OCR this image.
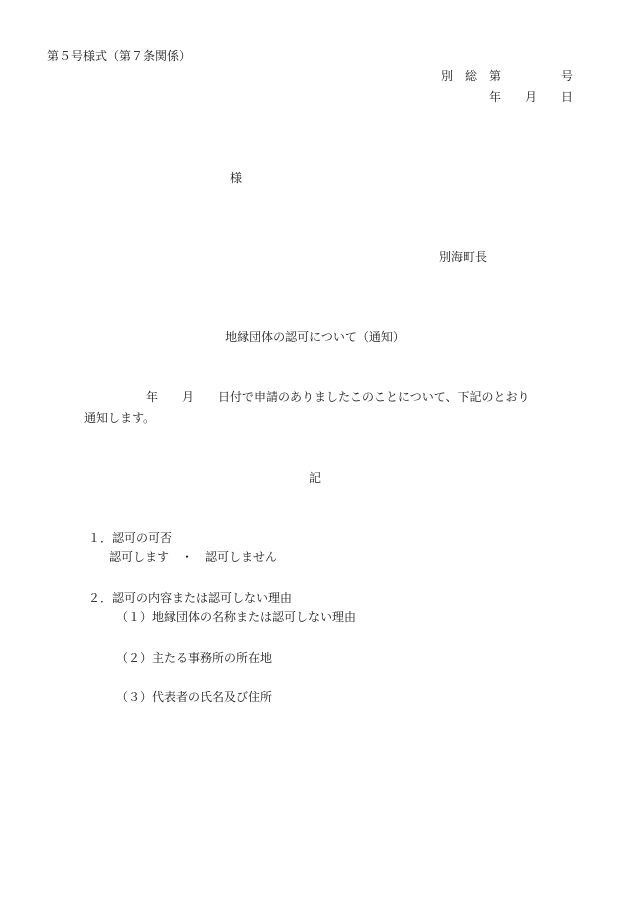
第５号様式（第７条関係）
別　総　第　　　　　号
年　　月　　日
様
別海町長
地縁団体の認可について（通知）
年　　月　　日付で申請のありましたこのことについて、下記のとおり
通知します。
記
１．認可の可否
認可します　・　認可しません
２．認可の内容または認可しない理由
（１）地縁団体の名称または認可しない理由
（２）主たる事務所の所在地
（３）代表者の氏名及び住所
